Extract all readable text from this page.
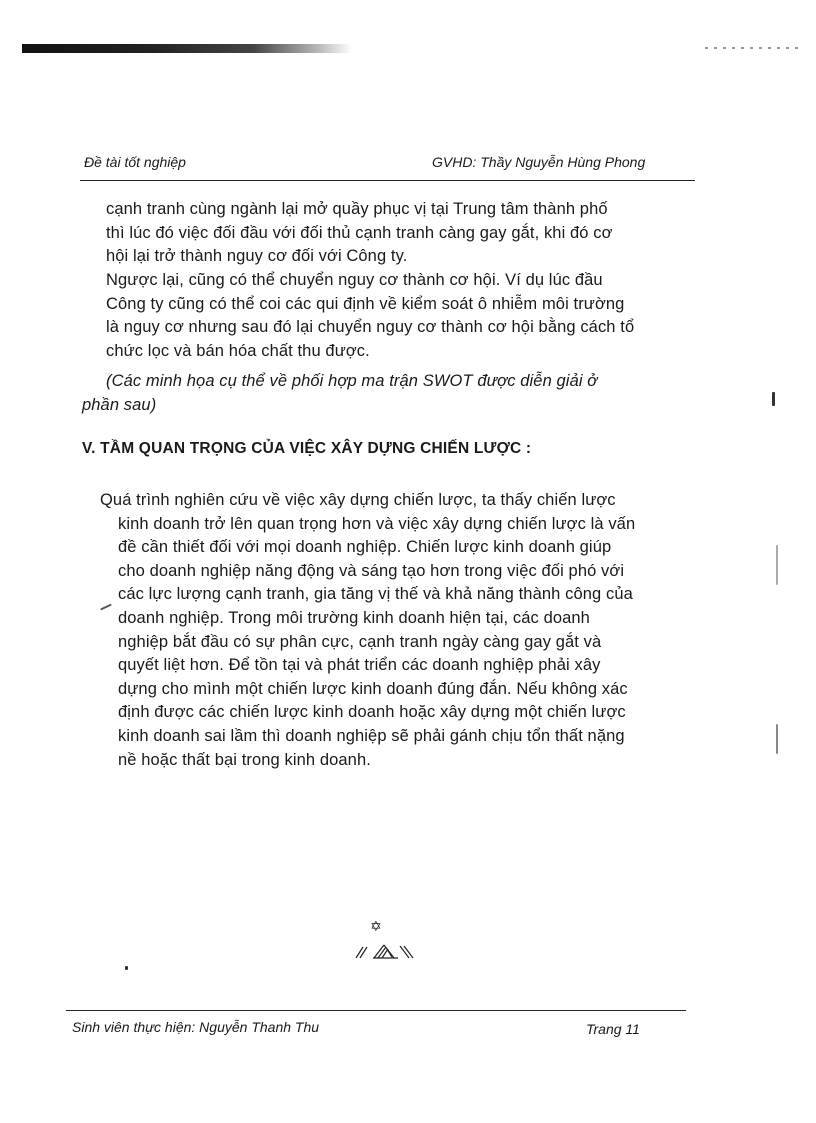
Đề tài tốt nghiệp	GVHD: Thầy Nguyễn Hùng Phong
cạnh tranh cùng ngành lại mở quầy phục vị tại Trung tâm thành phố
thì lúc đó việc đối đầu với đối thủ cạnh tranh càng gay gắt, khi đó cơ
hội lại trở thành nguy cơ đối với Công ty.
Ngược lại, cũng có thể chuyển nguy cơ thành cơ hội. Ví dụ lúc đầu
Công ty cũng có thể coi các qui định về kiểm soát ô nhiễm môi trường
là nguy cơ nhưng sau đó lại chuyển nguy cơ thành cơ hội bằng cách tổ
chức lọc và bán hóa chất thu được.
(Các minh họa cụ thể về phối hợp ma trận SWOT được diễn giải ở
phần sau)
V. TẦM QUAN TRỌNG CỦA VIỆC XÂY DỰNG CHIẾN LƯỢC :
Quá trình nghiên cứu về việc xây dựng chiến lược, ta thấy chiến lược
kinh doanh trở lên quan trọng hơn và việc xây dựng chiến lược là vấn
đề cần thiết đối với mọi doanh nghiệp. Chiến lược kinh doanh giúp
cho doanh nghiệp năng động và sáng tạo hơn trong việc đối phó với
các lực lượng cạnh tranh, gia tăng vị thế và khả năng thành công của
doanh nghiệp. Trong môi trường kinh doanh hiện tại, các doanh
nghiệp bắt đầu có sự phân cực, cạnh tranh ngày càng gay gắt và
quyết liệt hơn. Để tồn tại và phát triển các doanh nghiệp phải xây
dựng cho mình một chiến lược kinh doanh đúng đắn. Nếu không xác
định được các chiến lược kinh doanh hoặc xây dựng một chiến lược
kinh doanh sai lầm thì doanh nghiệp sẽ phải gánh chịu tổn thất nặng
nề hoặc thất bại trong kinh doanh.
✡
Sinh viên thực hiện: Nguyễn Thanh Thu	Trang 11
